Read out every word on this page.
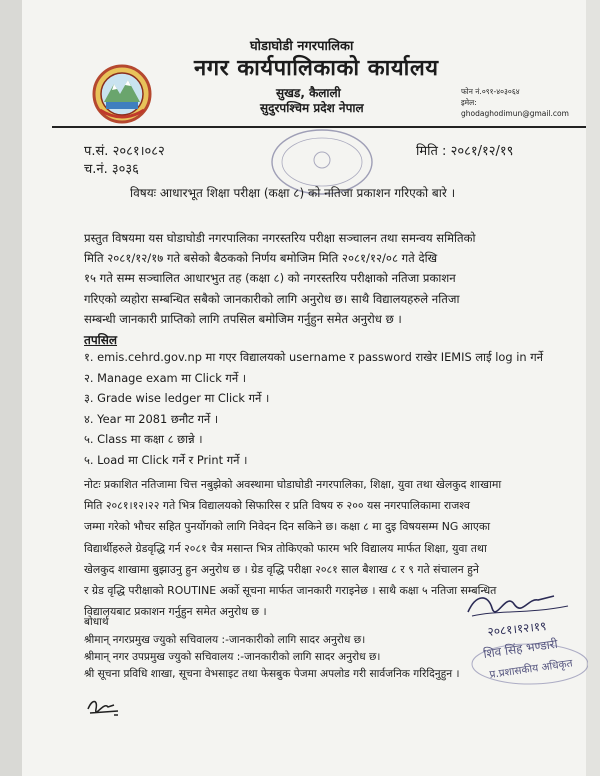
घोडाघोडी नगरपालिका
नगर कार्यपालिकाको कार्यालय
सुखड, कैलाली
सुदुरपश्चिम प्रदेश नेपाल
फोन नं.०९१-४०३०६४
इमेल: ghodaghodimun@gmail.com
प.सं. २०८१।०८२
च.नं. ३०३६
मिति : २०८१/१२/१९
विषयः आधारभूत शिक्षा परीक्षा (कक्षा ८) को नतिजा प्रकाशन गरिएको बारे ।
प्रस्तुत विषयमा यस घोडाघोडी नगरपालिका नगरस्तरिय परीक्षा सञ्चालन तथा समन्वय समितिको
मिति २०८१/१२/१७ गते बसेको बैठकको निर्णय बमोजिम मिति २०८१/१२/०८ गते देखि
१५ गते सम्म सञ्चालित आधारभुत तह (कक्षा ८) को नगरस्तरिय परीक्षाको नतिजा प्रकाशन
गरिएको व्यहोरा सम्बन्धित सबैको जानकारीको लागि अनुरोध छ। साथै विद्यालयहरुले नतिजा
सम्बन्धी जानकारी प्राप्तिको लागि तपसिल बमोजिम गर्नुहुन समेत अनुरोध छ ।
तपसिल
१. emis.cehrd.gov.np मा गएर विद्यालयको username र password राखेर IEMIS लाई log in गर्ने
२. Manage exam मा Click गर्ने ।
३. Grade wise ledger मा Click गर्ने ।
४. Year मा 2081 छनौट गर्ने ।
५. Class मा कक्षा ८ छान्ने ।
५. Load मा Click गर्ने र Print गर्ने ।
नोटः प्रकाशित नतिजामा चित्त नबुझेको अवस्थामा घोडाघोडी नगरपालिका, शिक्षा, युवा तथा खेलकुद शाखामा
मिति २०८१।१२।२२ गते भित्र विद्यालयको सिफारिस र प्रति विषय रु २०० यस नगरपालिकामा राजश्व
जम्मा गरेको भौचर सहित पुनर्योगको लागि निवेदन दिन सकिने छ। कक्षा ८ मा दुइ विषयसम्म NG आएका
विद्यार्थीहरुले ग्रेडवृद्धि गर्न २०८१ चैत्र मसान्त भित्र तोकिएको फारम भरि विद्यालय मार्फत शिक्षा, युवा तथा
खेलकुद शाखामा बुझाउनु हुन अनुरोध छ । ग्रेड वृद्धि परीक्षा २०८१ साल बैशाख ८ र ९ गते संचालन हुने
र ग्रेड वृद्धि परीक्षाको ROUTINE अर्को सूचना मार्फत जानकारी गराइनेछ । साथै कक्षा ५ नतिजा सम्बन्धित
विद्यालयबाट प्रकाशन गर्नुहुन समेत अनुरोध छ ।
बोधार्थ
श्रीमान् नगरप्रमुख ज्युको सचिवालय :-जानकारीको लागि सादर अनुरोध छ।
श्रीमान् नगर उपप्रमुख ज्युको सचिवालय :-जानकारीको लागि सादर अनुरोध छ।
श्री सूचना प्रविधि शाखा, सूचना वेभसाइट तथा फेसबुक पेजमा अपलोड गरी सार्वजनिक गरिदिनुहुन ।
२०८१।१२।१९
शिव सिंह भण्डारी
प्र.प्रशासकीय अधिकृत
